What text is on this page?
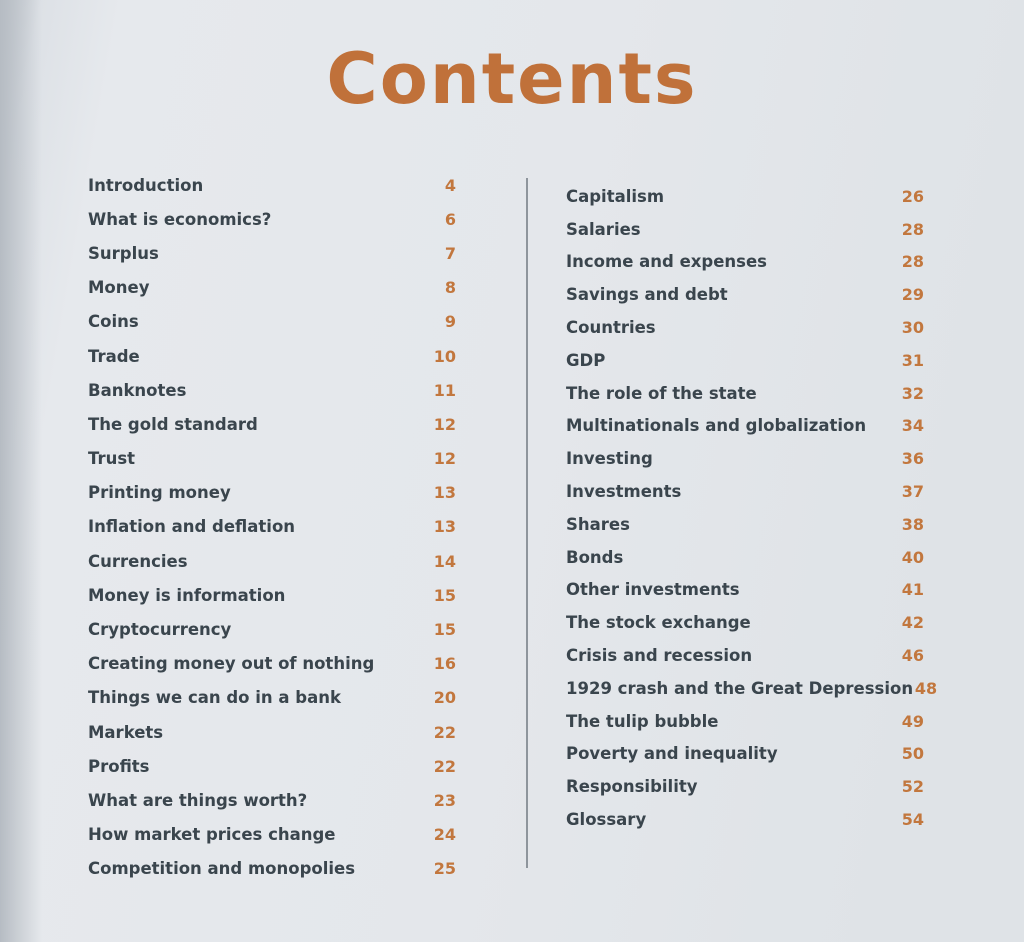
Contents
Introduction	4
What is economics?	6
Surplus	7
Money	8
Coins	9
Trade	10
Banknotes	11
The gold standard	12
Trust	12
Printing money	13
Inflation and deflation	13
Currencies	14
Money is information	15
Cryptocurrency	15
Creating money out of nothing	16
Things we can do in a bank	20
Markets	22
Profits	22
What are things worth?	23
How market prices change	24
Competition and monopolies	25
Capitalism	26
Salaries	28
Income and expenses	28
Savings and debt	29
Countries	30
GDP	31
The role of the state	32
Multinationals and globalization 34
Investing	36
Investments	37
Shares	38
Bonds	40
Other investments	41
The stock exchange	42
Crisis and recession	46
1929 crash and the Great Depression 48
The tulip bubble	49
Poverty and inequality	50
Responsibility	52
Glossary	54
